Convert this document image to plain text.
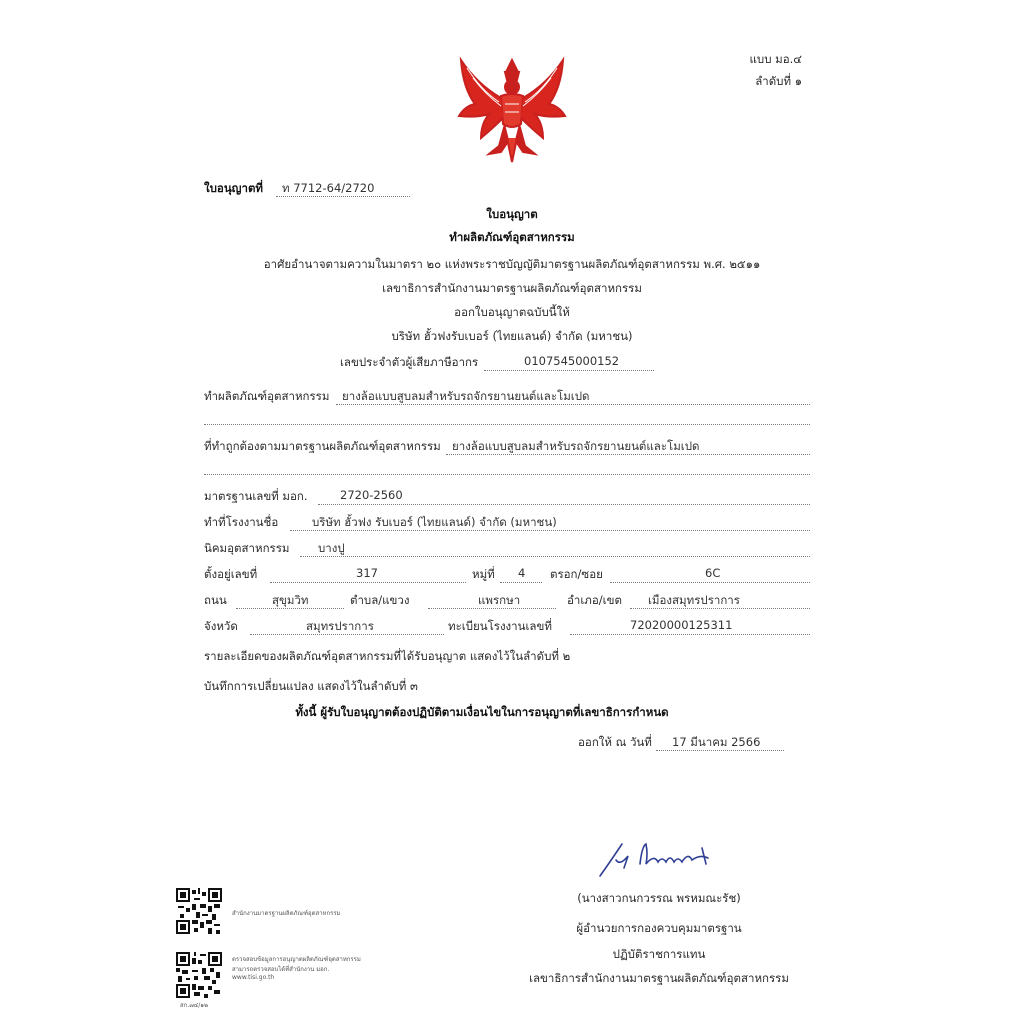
แบบ มอ.๔
ลำดับที่ ๑
ใบอนุญาตที่ ท 7712-64/2720
ใบอนุญาต
ทำผลิตภัณฑ์อุตสาหกรรม
อาศัยอำนาจตามความในมาตรา ๒๐ แห่งพระราชบัญญัติมาตรฐานผลิตภัณฑ์อุตสาหกรรม พ.ศ. ๒๕๑๑
เลขาธิการสำนักงานมาตรฐานผลิตภัณฑ์อุตสาหกรรม
ออกใบอนุญาตฉบับนี้ให้
บริษัท ฮั้วฟงรับเบอร์ (ไทยแลนด์) จำกัด (มหาชน)
เลขประจำตัวผู้เสียภาษีอากร	0107545000152
ทำผลิตภัณฑ์อุตสาหกรรม ยางล้อแบบสูบลมสำหรับรถจักรยานยนต์และโมเปด
ที่ทำถูกต้องตามมาตรฐานผลิตภัณฑ์อุตสาหกรรม ยางล้อแบบสูบลมสำหรับรถจักรยานยนต์และโมเปด
มาตรฐานเลขที่ มอก.	2720-2560
ทำที่โรงงานชื่อ	บริษัท ฮั้วฟง รับเบอร์ (ไทยแลนด์) จำกัด (มหาชน)
นิคมอุตสาหกรรม บางปู
ตั้งอยู่เลขที่	317	หมู่ที่ 4 ตรอก/ซอย	6C
ถนน	สุขุมวิท	ตำบล/แขวง	แพรกษา	อำเภอ/เขต เมืองสมุทรปราการ
จังหวัด	สมุทรปราการ	ทะเบียนโรงงานเลขที่	72020000125311
รายละเอียดของผลิตภัณฑ์อุตสาหกรรมที่ได้รับอนุญาต แสดงไว้ในลำดับที่ ๒
บันทึกการเปลี่ยนแปลง แสดงไว้ในลำดับที่ ๓
ทั้งนี้ ผู้รับใบอนุญาตต้องปฏิบัติตามเงื่อนไขในการอนุญาตที่เลขาธิการกำหนด
ออกให้ ณ วันที่ 17 มีนาคม 2566
(นางสาวกนกวรรณ พรหมณะรัช)
ผู้อำนวยการกองควบคุมมาตรฐาน
ปฏิบัติราชการแทน
เลขาธิการสำนักงานมาตรฐานผลิตภัณฑ์อุตสาหกรรม
สำนักงานมาตรฐานผลิตภัณฑ์อุตสาหกรรม
ตรวจสอบข้อมูลการอนุญาตผลิตภัณฑ์อุตสาหกรรม
สามารถตรวจสอบได้ที่สำนักงาน มอก.
www.tisi.go.th
สก.๗๔/๑๒
